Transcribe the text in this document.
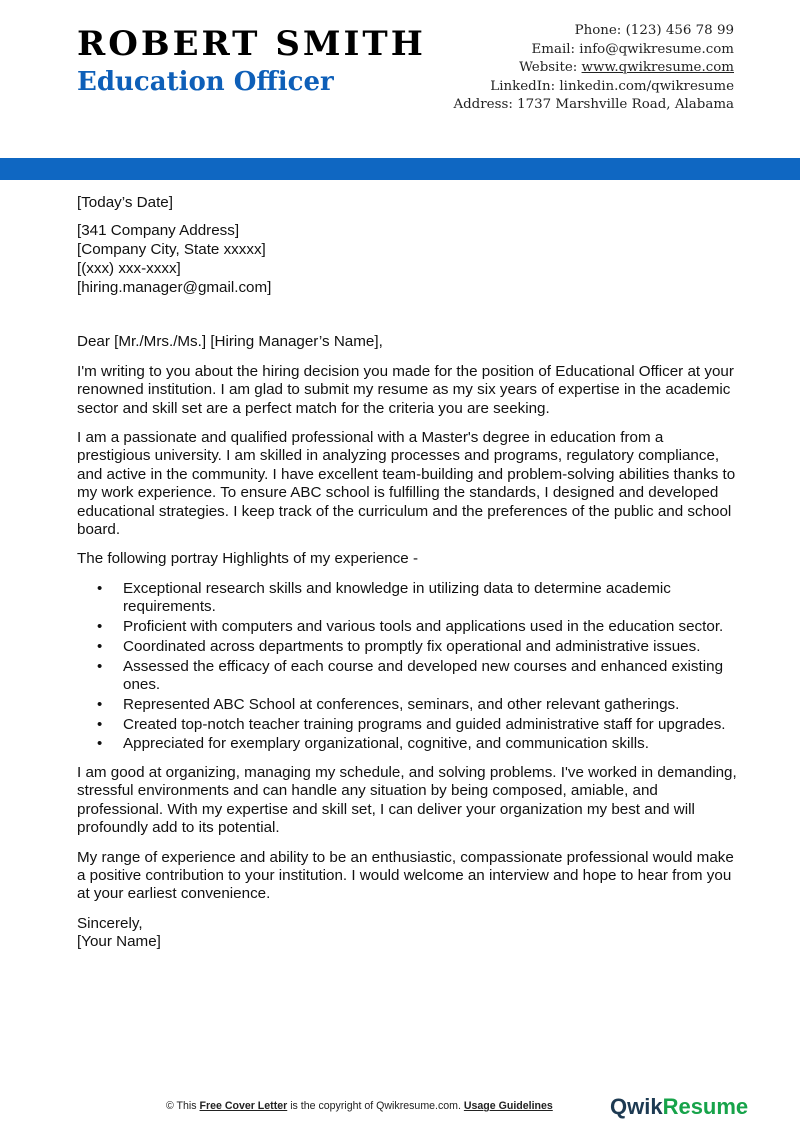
ROBERT SMITH
Education Officer
Phone: (123) 456 78 99
Email: info@qwikresume.com
Website: www.qwikresume.com
LinkedIn: linkedin.com/qwikresume
Address: 1737 Marshville Road, Alabama

[Today’s Date]

[341 Company Address]
[Company City, State xxxxx]
[(xxx) xxx-xxxx]
[hiring.manager@gmail.com]

Dear [Mr./Mrs./Ms.] [Hiring Manager’s Name],

I'm writing to you about the hiring decision you made for the position of Educational Officer at your renowned institution. I am glad to submit my resume as my six years of expertise in the academic sector and skill set are a perfect match for the criteria you are seeking.

I am a passionate and qualified professional with a Master's degree in education from a prestigious university. I am skilled in analyzing processes and programs, regulatory compliance, and active in the community. I have excellent team-building and problem-solving abilities thanks to my work experience. To ensure ABC school is fulfilling the standards, I designed and developed educational strategies. I keep track of the curriculum and the preferences of the public and school board.

The following portray Highlights of my experience -

• Exceptional research skills and knowledge in utilizing data to determine academic requirements.
• Proficient with computers and various tools and applications used in the education sector.
• Coordinated across departments to promptly fix operational and administrative issues.
• Assessed the efficacy of each course and developed new courses and enhanced existing ones.
• Represented ABC School at conferences, seminars, and other relevant gatherings.
• Created top-notch teacher training programs and guided administrative staff for upgrades.
• Appreciated for exemplary organizational, cognitive, and communication skills.

I am good at organizing, managing my schedule, and solving problems. I've worked in demanding, stressful environments and can handle any situation by being composed, amiable, and professional. With my expertise and skill set, I can deliver your organization my best and will profoundly add to its potential.

My range of experience and ability to be an enthusiastic, compassionate professional would make a positive contribution to your institution. I would welcome an interview and hope to hear from you at your earliest convenience.

Sincerely,
[Your Name]
© This Free Cover Letter is the copyright of Qwikresume.com. Usage Guidelines	QwikResume
